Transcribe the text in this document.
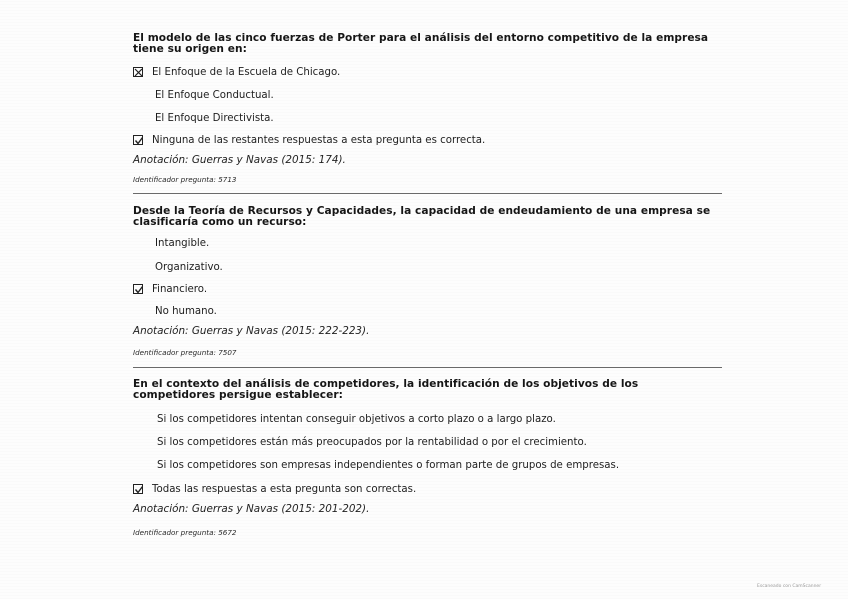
El modelo de las cinco fuerzas de Porter para el análisis del entorno competitivo de la empresa tiene su origen en:

El Enfoque de la Escuela de Chicago.
El Enfoque Conductual.
El Enfoque Directivista.
Ninguna de las restantes respuestas a esta pregunta es correcta.
Anotación: Guerras y Navas (2015: 174).
Identificador pregunta: 5713

Desde la Teoría de Recursos y Capacidades, la capacidad de endeudamiento de una empresa se clasificaría como un recurso:

Intangible.
Organizativo.
Financiero.
No humano.
Anotación: Guerras y Navas (2015: 222-223).
Identificador pregunta: 7507

En el contexto del análisis de competidores, la identificación de los objetivos de los competidores persigue establecer:

Si los competidores intentan conseguir objetivos a corto plazo o a largo plazo.
Si los competidores están más preocupados por la rentabilidad o por el crecimiento.
Si los competidores son empresas independientes o forman parte de grupos de empresas.
Todas las respuestas a esta pregunta son correctas.
Anotación: Guerras y Navas (2015: 201-202).
Identificador pregunta: 5672
Escaneado con CamScanner
